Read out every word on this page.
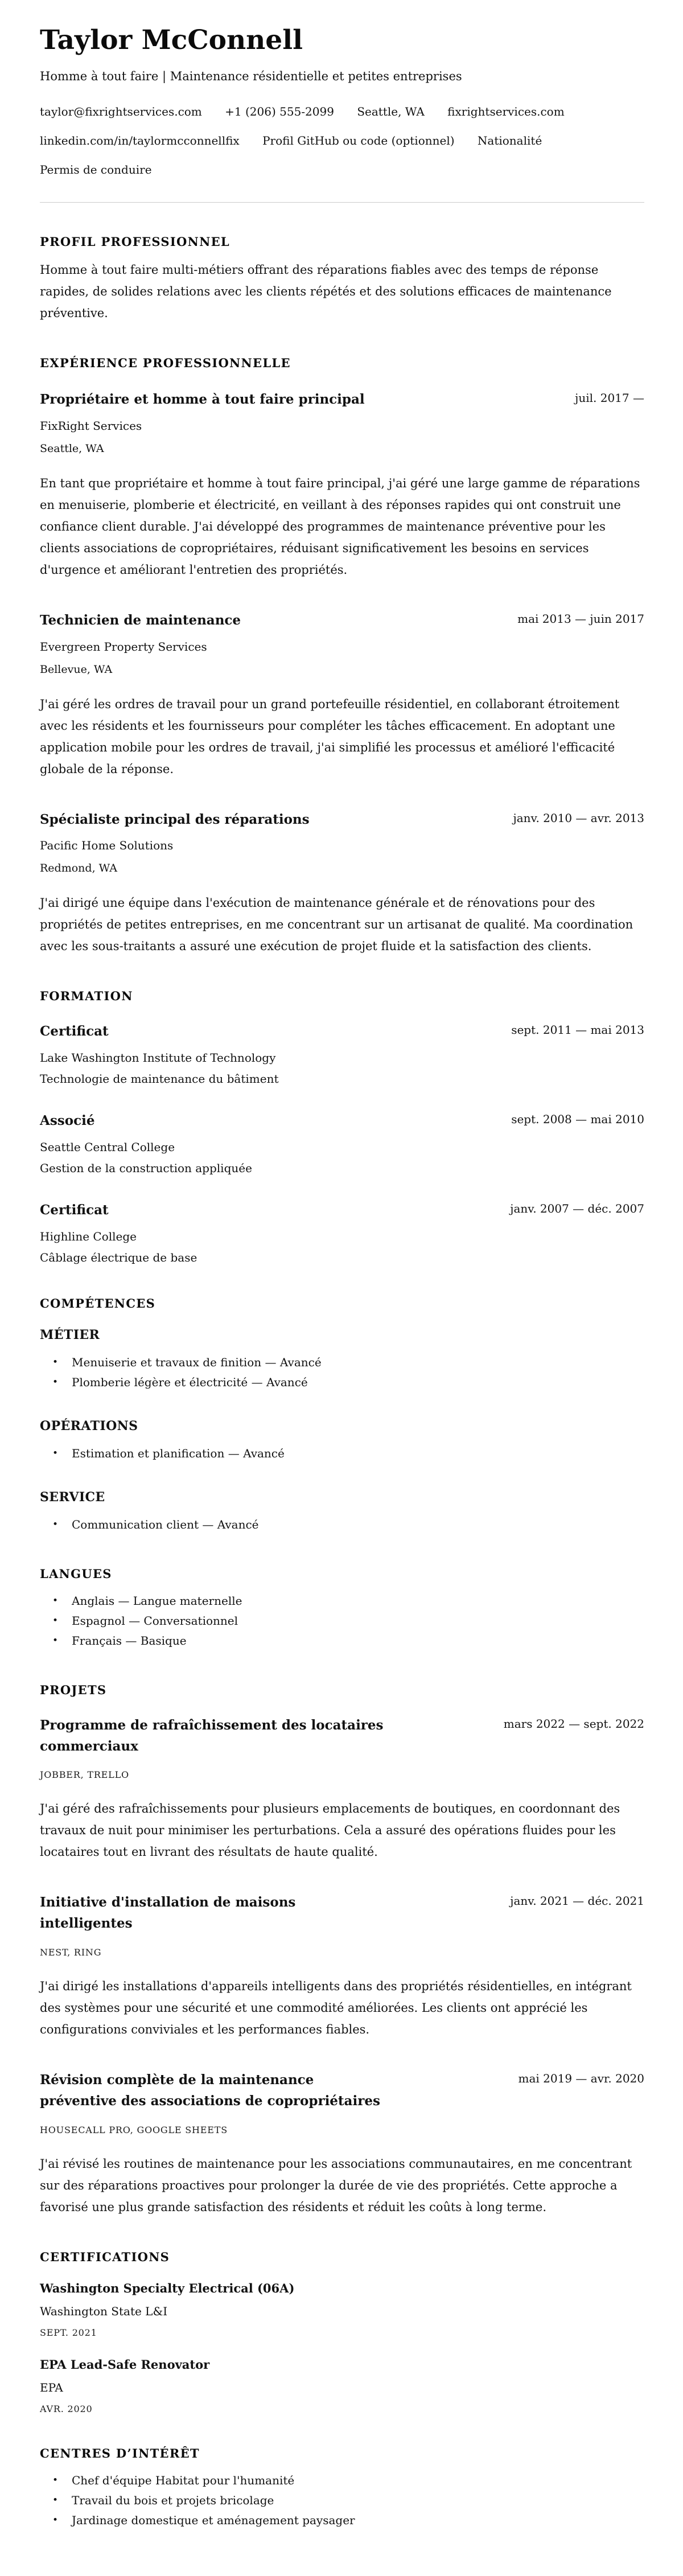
Taylor McConnell

Homme à tout faire | Maintenance résidentielle et petites entreprises

taylor@fixrightservices.com +1 (206) 555-2099 Seattle, WA fixrightservices.com
linkedin.com/in/taylormcconnellfix Profil GitHub ou code (optionnel) Nationalité
Permis de conduire
PROFIL PROFESSIONNEL

Homme à tout faire multi-métiers offrant des réparations fiables avec des temps de réponse rapides, de solides relations avec les clients répétés et des solutions efficaces de maintenance préventive.

EXPÉRIENCE PROFESSIONNELLE
Propriétaire et homme à tout faire principal	juil. 2017 —
FixRight Services
Seattle, WA

En tant que propriétaire et homme à tout faire principal, j'ai géré une large gamme de réparations en menuiserie, plomberie et électricité, en veillant à des réponses rapides qui ont construit une confiance client durable. J'ai développé des programmes de maintenance préventive pour les clients associations de copropriétaires, réduisant significativement les besoins en services d'urgence et améliorant l'entretien des propriétés.

Technicien de maintenance	mai 2013 — juin 2017
Evergreen Property Services
Bellevue, WA

J'ai géré les ordres de travail pour un grand portefeuille résidentiel, en collaborant étroitement avec les résidents et les fournisseurs pour compléter les tâches efficacement. En adoptant une application mobile pour les ordres de travail, j'ai simplifié les processus et amélioré l'efficacité globale de la réponse.

Spécialiste principal des réparations	janv. 2010 — avr. 2013
Pacific Home Solutions
Redmond, WA

J'ai dirigé une équipe dans l'exécution de maintenance générale et de rénovations pour des propriétés de petites entreprises, en me concentrant sur un artisanat de qualité. Ma coordination avec les sous-traitants a assuré une exécution de projet fluide et la satisfaction des clients.

FORMATION
Certificat	sept. 2011 — mai 2013
Lake Washington Institute of Technology
Technologie de maintenance du bâtiment
Associé	sept. 2008 — mai 2010
Seattle Central College
Gestion de la construction appliquée
Certificat	janv. 2007 — déc. 2007
Highline College
Câblage électrique de base
COMPÉTENCES
MÉTIER
• Menuiserie et travaux de finition — Avancé
• Plomberie légère et électricité — Avancé
OPÉRATIONS
• Estimation et planification — Avancé
SERVICE
• Communication client — Avancé
LANGUES
• Anglais — Langue maternelle
• Espagnol — Conversationnel
• Français — Basique
PROJETS
Programme de rafraîchissement des locataires commerciaux
mars 2022 — sept. 2022
JOBBER, TRELLO

J'ai géré des rafraîchissements pour plusieurs emplacements de boutiques, en coordonnant des travaux de nuit pour minimiser les perturbations. Cela a assuré des opérations fluides pour les locataires tout en livrant des résultats de haute qualité.

Initiative d'installation de maisons intelligentes
janv. 2021 — déc. 2021
NEST, RING

J'ai dirigé les installations d'appareils intelligents dans des propriétés résidentielles, en intégrant des systèmes pour une sécurité et une commodité améliorées. Les clients ont apprécié les configurations conviviales et les performances fiables.

Révision complète de la maintenance préventive des associations de copropriétaires
mai 2019 — avr. 2020
HOUSECALL PRO, GOOGLE SHEETS

J'ai révisé les routines de maintenance pour les associations communautaires, en me concentrant sur des réparations proactives pour prolonger la durée de vie des propriétés. Cette approche a favorisé une plus grande satisfaction des résidents et réduit les coûts à long terme.

CERTIFICATIONS
Washington Specialty Electrical (06A)
Washington State L&I
SEPT. 2021
EPA Lead-Safe Renovator
EPA
AVR. 2020
CENTRES D’INTÉRÊT
• Chef d'équipe Habitat pour l'humanité
• Travail du bois et projets bricolage
• Jardinage domestique et aménagement paysager
